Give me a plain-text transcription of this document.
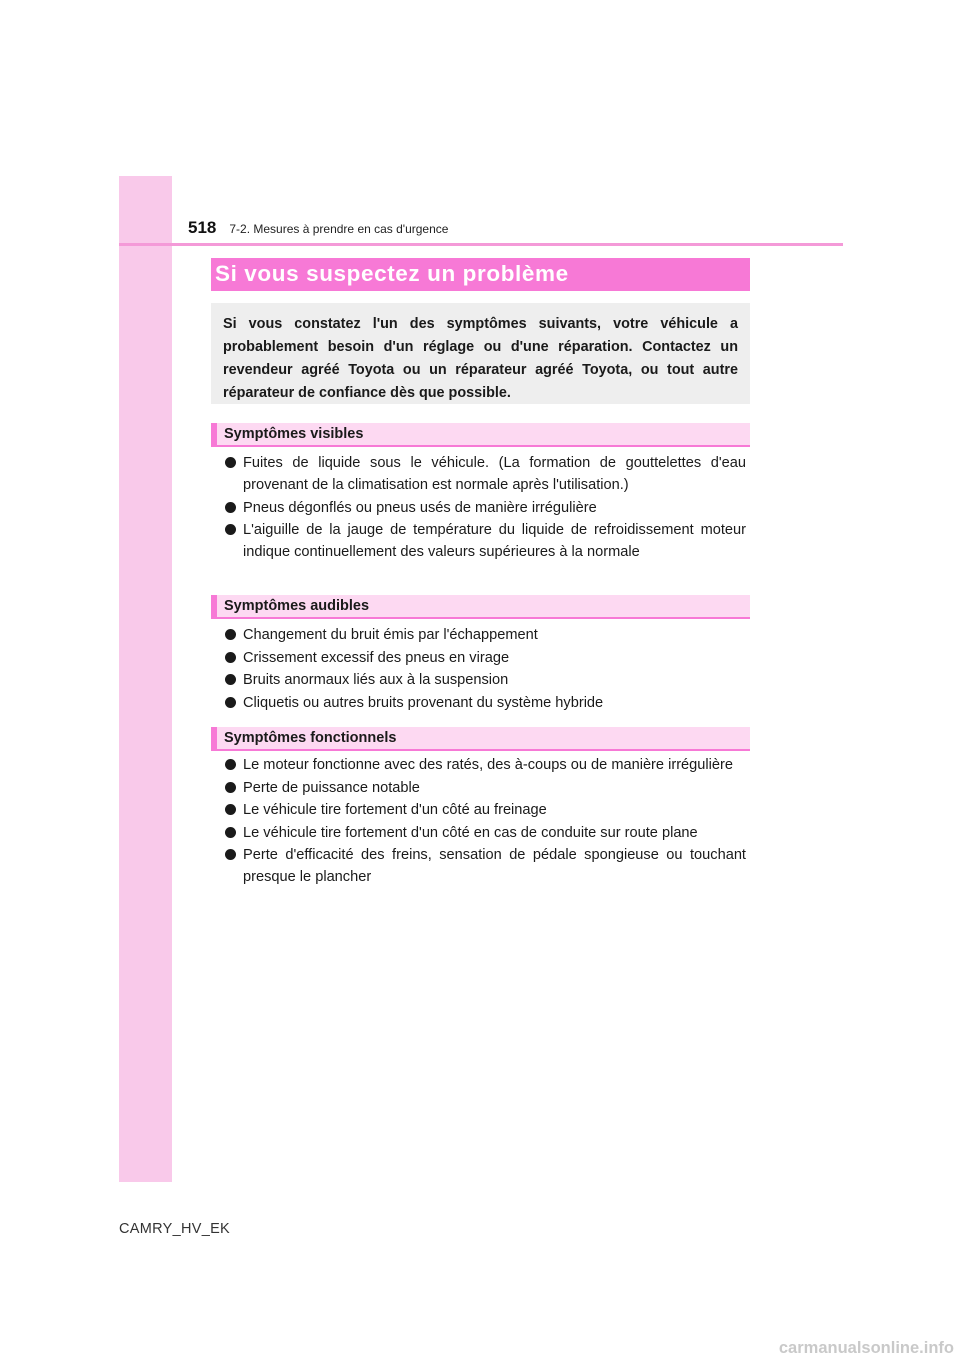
518 7-2. Mesures à prendre en cas d'urgence
Si vous suspectez un problème

Si vous constatez l'un des symptômes suivants, votre véhicule a probablement besoin d'un réglage ou d'une réparation. Contactez un revendeur agréé Toyota ou un réparateur agréé Toyota, ou tout autre réparateur de confiance dès que possible.

Symptômes visibles
Fuites de liquide sous le véhicule. (La formation de gouttelettes d'eau provenant de la climatisation est normale après l'utilisation.)
Pneus dégonflés ou pneus usés de manière irrégulière
L'aiguille de la jauge de température du liquide de refroidissement moteur indique continuellement des valeurs supérieures à la normale
Symptômes audibles
Changement du bruit émis par l'échappement
Crissement excessif des pneus en virage
Bruits anormaux liés aux à la suspension
Cliquetis ou autres bruits provenant du système hybride
Symptômes fonctionnels
Le moteur fonctionne avec des ratés, des à-coups ou de manière irrégulière
Perte de puissance notable
Le véhicule tire fortement d'un côté au freinage
Le véhicule tire fortement d'un côté en cas de conduite sur route plane
Perte d'efficacité des freins, sensation de pédale spongieuse ou touchant presque le plancher
CAMRY_HV_EK
carmanualsonline.info
